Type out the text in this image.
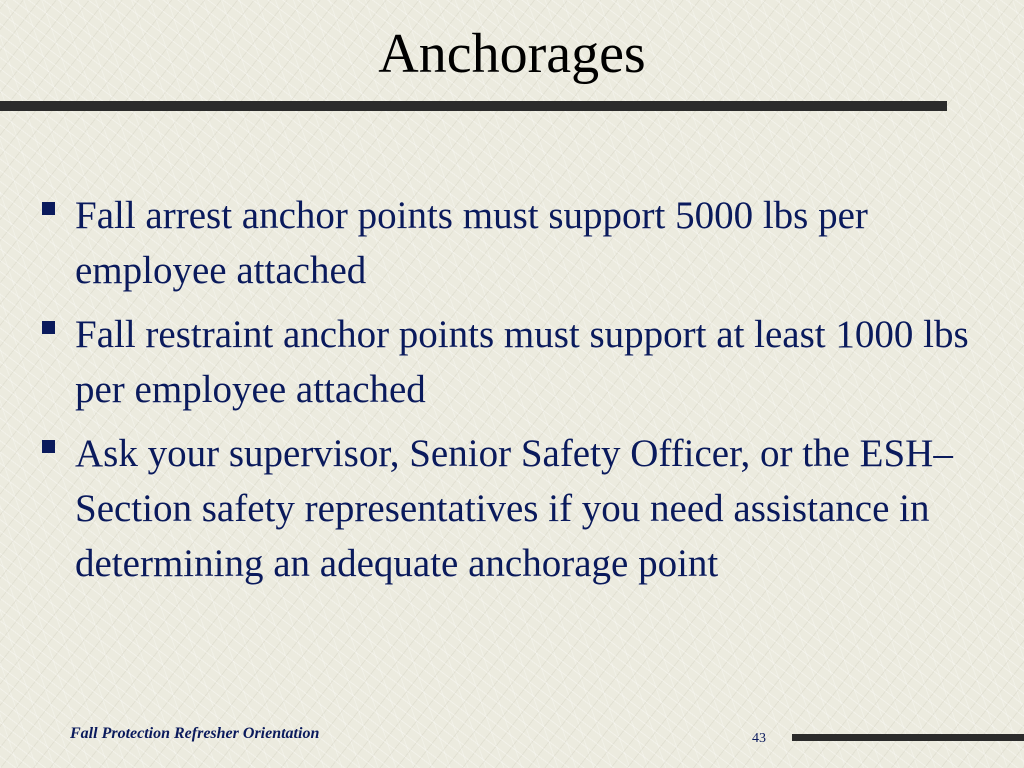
Anchorages
Fall arrest anchor points must support 5000 lbs per employee attached
Fall restraint anchor points must support at least 1000 lbs per employee attached
Ask your supervisor, Senior Safety Officer, or the ESH–Section safety representatives if you need assistance in determining an adequate anchorage point
Fall Protection Refresher Orientation	43
